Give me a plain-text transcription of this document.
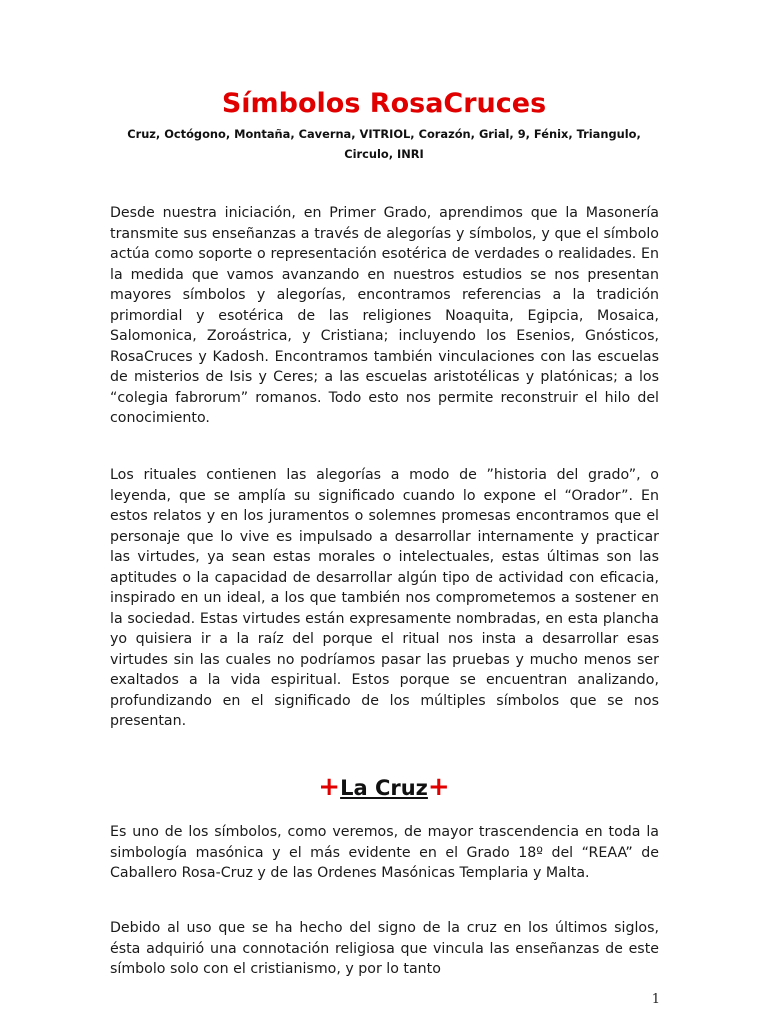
Símbolos RosaCruces

Cruz, Octógono, Montaña, Caverna, VITRIOL, Corazón, Grial, 9, Fénix, Triangulo, Circulo, INRI

Desde nuestra iniciación, en Primer Grado, aprendimos que la Masonería transmite sus enseñanzas a través de alegorías y símbolos, y que el símbolo actúa como soporte o representación esotérica de verdades o realidades. En la medida que vamos avanzando en nuestros estudios se nos presentan mayores símbolos y alegorías, encontramos referencias a la tradición primordial y esotérica de las religiones Noaquita, Egipcia, Mosaica, Salomonica, Zoroástrica, y Cristiana; incluyendo los Esenios, Gnósticos, RosaCruces y Kadosh. Encontramos también vinculaciones con las escuelas de misterios de Isis y Ceres; a las escuelas aristotélicas y platónicas; a los “colegia fabrorum” romanos. Todo esto nos permite reconstruir el hilo del conocimiento.

Los rituales contienen las alegorías a modo de ”historia del grado”, o leyenda, que se amplía su significado cuando lo expone el “Orador”. En estos relatos y en los juramentos o solemnes promesas encontramos que el personaje que lo vive es impulsado a desarrollar internamente y practicar las virtudes, ya sean estas morales o intelectuales, estas últimas son las aptitudes o la capacidad de desarrollar algún tipo de actividad con eficacia, inspirado en un ideal, a los que también nos comprometemos a sostener en la sociedad. Estas virtudes están expresamente nombradas, en esta plancha yo quisiera ir a la raíz del porque el ritual nos insta a desarrollar esas virtudes sin las cuales no podríamos pasar las pruebas y mucho menos ser exaltados a la vida espiritual. Estos porque se encuentran analizando, profundizando en el significado de los múltiples símbolos que se nos presentan.

+La Cruz+

Es uno de los símbolos, como veremos, de mayor trascendencia en toda la simbología masónica y el más evidente en el Grado 18º del “REAA” de Caballero Rosa-Cruz y de las Ordenes Masónicas Templaria y Malta.

Debido al uso que se ha hecho del signo de la cruz en los últimos siglos, ésta adquirió una connotación religiosa que vincula las enseñanzas de este símbolo solo con el cristianismo, y por lo tanto

1
